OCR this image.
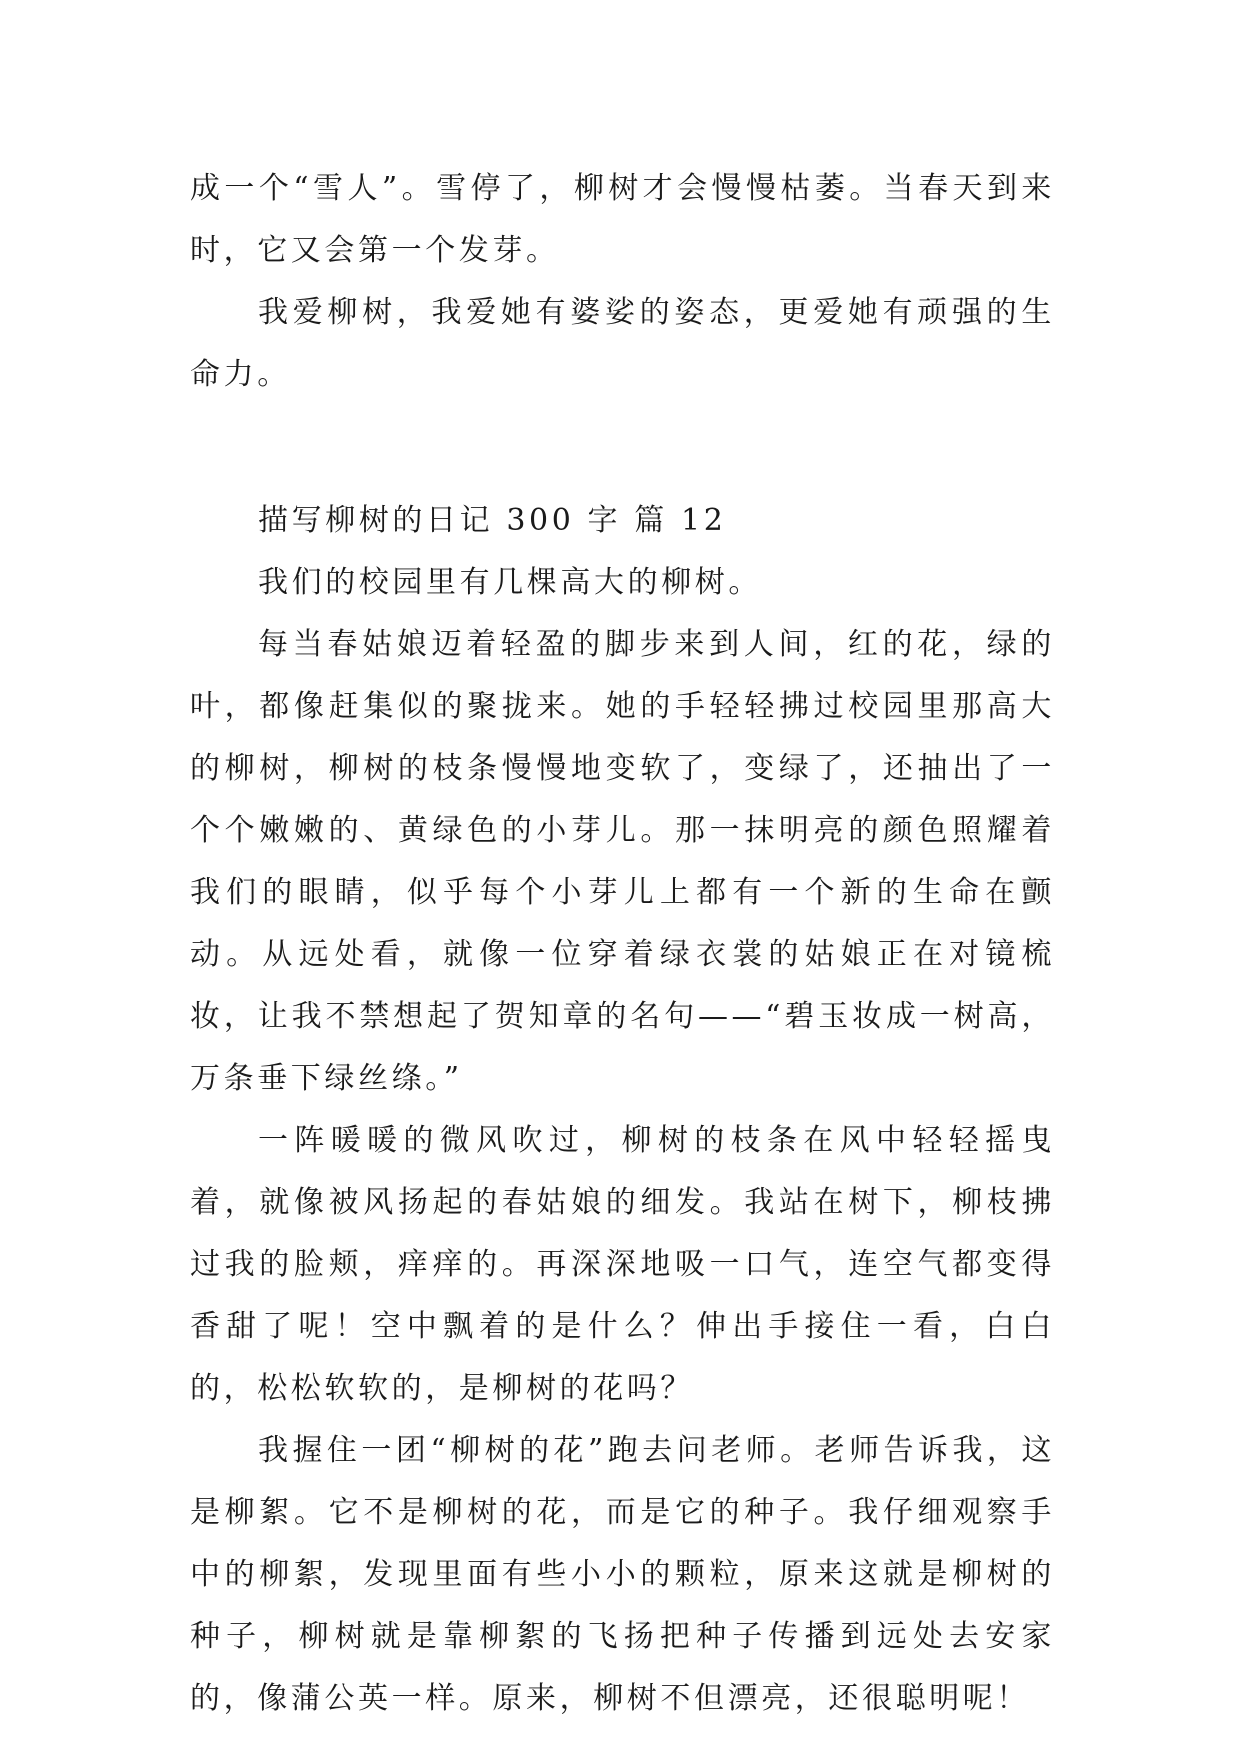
成一个“雪人”。雪停了，柳树才会慢慢枯萎。当春天到来时，它又会第一个发芽。

我爱柳树，我爱她有婆娑的姿态，更爱她有顽强的生命力。

描写柳树的日记 300 字 篇 12

我们的校园里有几棵高大的柳树。

每当春姑娘迈着轻盈的脚步来到人间，红的花，绿的叶，都像赶集似的聚拢来。她的手轻轻拂过校园里那高大的柳树，柳树的枝条慢慢地变软了，变绿了，还抽出了一个个嫩嫩的、黄绿色的小芽儿。那一抹明亮的颜色照耀着我们的眼睛，似乎每个小芽儿上都有一个新的生命在颤动。从远处看，就像一位穿着绿衣裳的姑娘正在对镜梳妆，让我不禁想起了贺知章的名句——“碧玉妆成一树高，万条垂下绿丝绦。”

一阵暖暖的微风吹过，柳树的枝条在风中轻轻摇曳着，就像被风扬起的春姑娘的细发。我站在树下，柳枝拂过我的脸颊，痒痒的。再深深地吸一口气，连空气都变得香甜了呢！空中飘着的是什么？伸出手接住一看，白白的，松松软软的，是柳树的花吗？

我握住一团“柳树的花”跑去问老师。老师告诉我，这是柳絮。它不是柳树的花，而是它的种子。我仔细观察手中的柳絮，发现里面有些小小的颗粒，原来这就是柳树的种子，柳树就是靠柳絮的飞扬把种子传播到远处去安家的，像蒲公英一样。原来，柳树不但漂亮，还很聪明呢！
